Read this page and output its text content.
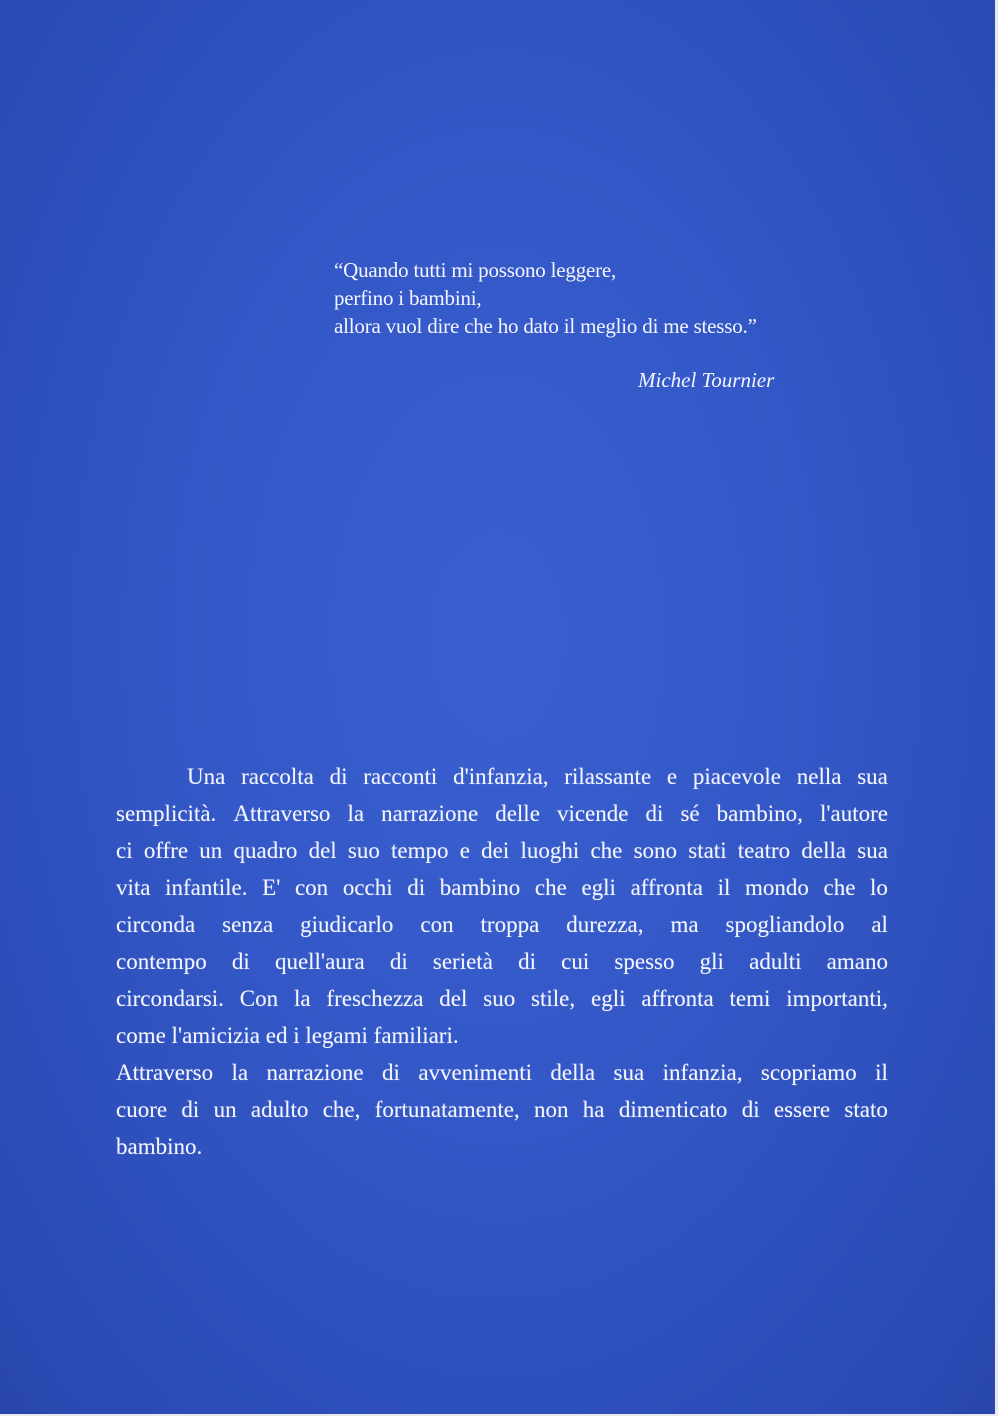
“Quando tutti mi possono leggere,
perfino i bambini,
allora vuol dire che ho dato il meglio di me stesso.”
Michel Tournier
Una raccolta di racconti d'infanzia, rilassante e piacevole nella sua
semplicità. Attraverso la narrazione delle vicende di sé bambino, l'autore
ci offre un quadro del suo tempo e dei luoghi che sono stati teatro della sua
vita infantile. E' con occhi di bambino che egli affronta il mondo che lo
circonda senza giudicarlo con troppa durezza, ma spogliandolo al
contempo di quell'aura di serietà di cui spesso gli adulti amano
circondarsi. Con la freschezza del suo stile, egli affronta temi importanti,
come l'amicizia ed i legami familiari.
Attraverso la narrazione di avvenimenti della sua infanzia, scopriamo il
cuore di un adulto che, fortunatamente, non ha dimenticato di essere stato
bambino.
